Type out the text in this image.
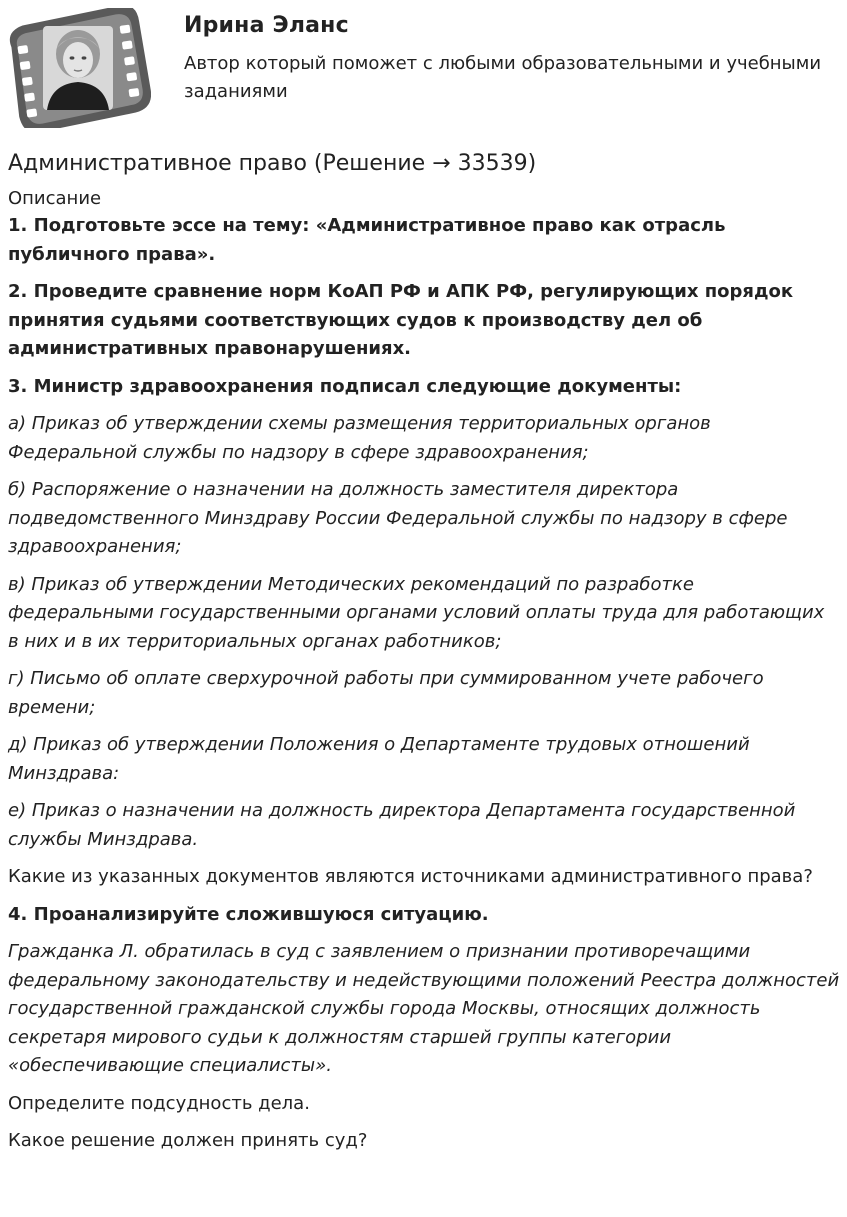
Ирина Эланс
Автор который поможет с любыми образовательными и учебными заданиями
Административное право (Решение → 33539)
Описание

1. Подготовьте эссе на тему: «Административное право как отрасль публичного права».

2. Проведите сравнение норм КоАП РФ и АПК РФ, регулирующих порядок принятия судьями соответствующих судов к производству дел об административных правонарушениях.

3. Министр здравоохранения подписал следующие документы:

а) Приказ об утверждении схемы размещения территориальных органов Федеральной службы по надзору в сфере здравоохранения;

б) Распоряжение о назначении на должность заместителя директора подведомственного Минздраву России Федеральной службы по надзору в сфере здравоохранения;

в) Приказ об утверждении Методических рекомендаций по разработке федеральными государственными органами условий оплаты труда для работающих в них и в их территориальных органах работников;

г) Письмо об оплате сверхурочной работы при суммированном учете рабочего времени;

д) Приказ об утверждении Положения о Департаменте трудовых отношений Минздрава:

е) Приказ о назначении на должность директора Департамента государственной службы Минздрава.

Какие из указанных документов являются источниками административного права?

4. Проанализируйте сложившуюся ситуацию.

Гражданка Л. обратилась в суд с заявлением о признании противоречащими федеральному законодательству и недействующими положений Реестра должностей государственной гражданской службы города Москвы, относящих должность секретаря мирового судьи к должностям старшей группы категории «обеспечивающие специалисты».

Определите подсудность дела.

Какое решение должен принять суд?
